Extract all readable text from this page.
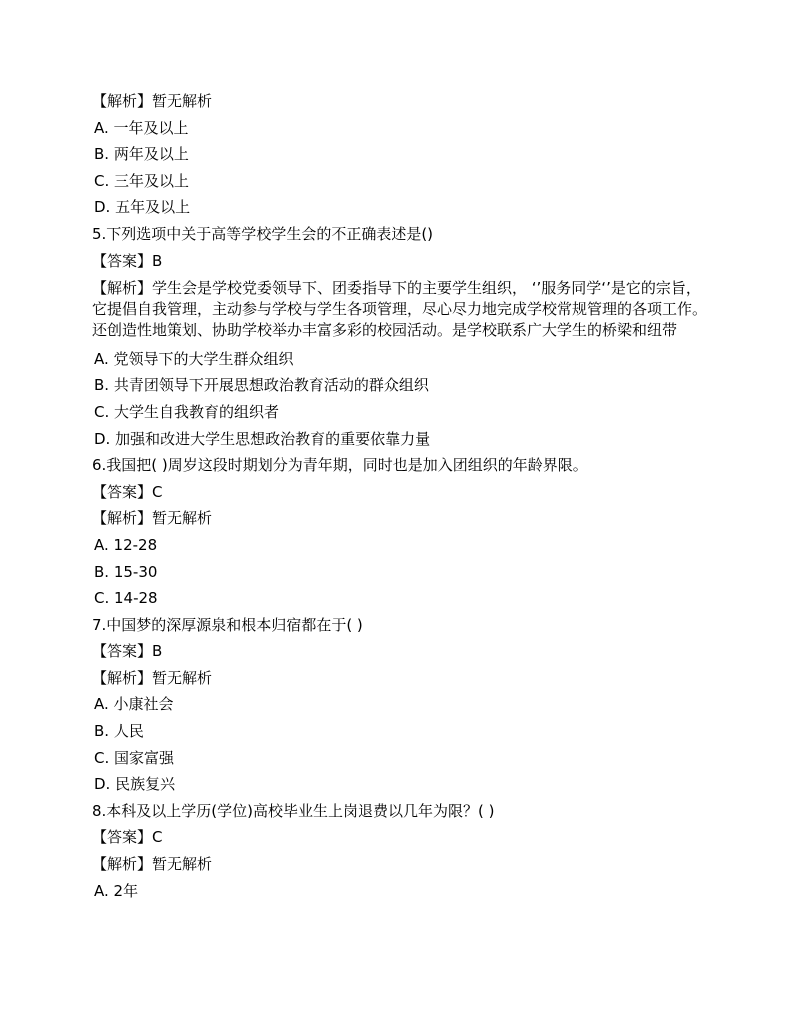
【解析】暂无解析
A. 一年及以上
B. 两年及以上
C. 三年及以上
D. 五年及以上
5.下列选项中关于高等学校学生会的不正确表述是()
【答案】B
【解析】学生会是学校党委领导下、团委指导下的主要学生组织， ‘’服务同学‘’是它的宗旨，它提倡自我管理，主动参与学校与学生各项管理，尽心尽力地完成学校常规管理的各项工作。还创造性地策划、协助学校举办丰富多彩的校园活动。是学校联系广大学生的桥梁和纽带
A. 党领导下的大学生群众组织
B. 共青团领导下开展思想政治教育活动的群众组织
C. 大学生自我教育的组织者
D. 加强和改进大学生思想政治教育的重要依靠力量
6.我国把( )周岁这段时期划分为青年期，同时也是加入团组织的年龄界限。
【答案】C
【解析】暂无解析
A. 12-28
B. 15-30
C. 14-28
7.中国梦的深厚源泉和根本归宿都在于( )
【答案】B
【解析】暂无解析
A. 小康社会
B. 人民
C. 国家富强
D. 民族复兴
8.本科及以上学历(学位)高校毕业生上岗退费以几年为限？( )
【答案】C
【解析】暂无解析
A. 2年
